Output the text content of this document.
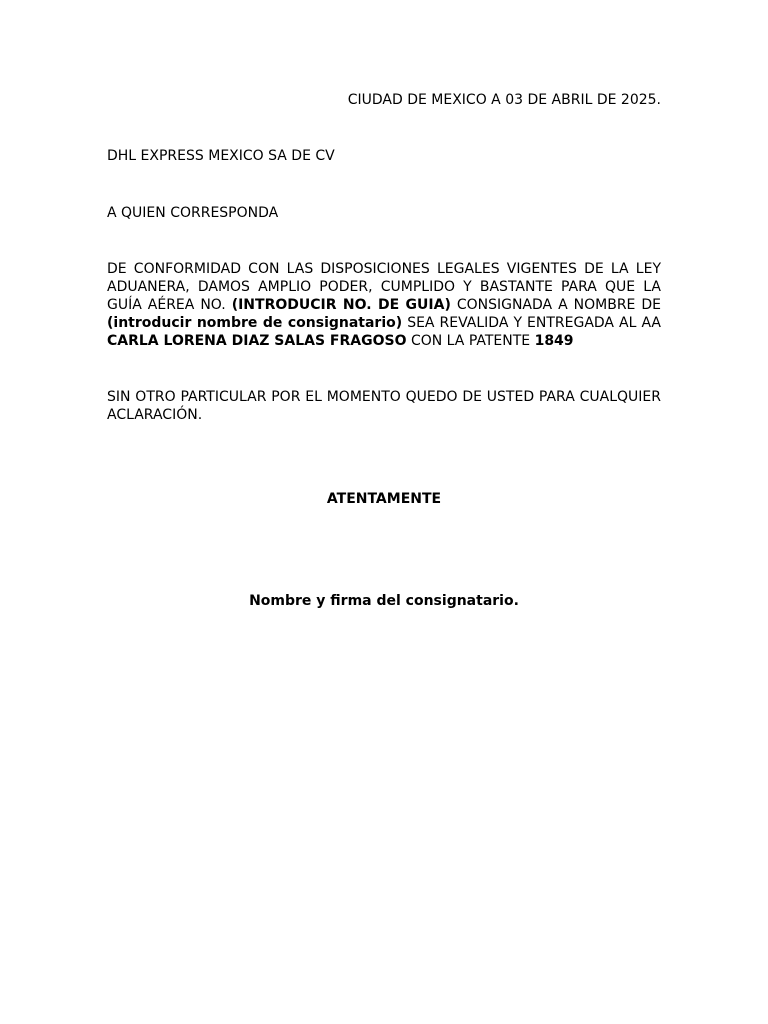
CIUDAD DE MEXICO A 03 DE ABRIL DE 2025.

DHL EXPRESS MEXICO SA DE CV

A QUIEN CORRESPONDA

DE CONFORMIDAD CON LAS DISPOSICIONES LEGALES VIGENTES DE LA LEY ADUANERA, DAMOS AMPLIO PODER, CUMPLIDO Y BASTANTE PARA QUE LA GUÍA AÉREA NO. (INTRODUCIR NO. DE GUIA) CONSIGNADA A NOMBRE DE (introducir nombre de consignatario) SEA REVALIDA Y ENTREGADA AL AA CARLA LORENA DIAZ SALAS FRAGOSO CON LA PATENTE 1849

SIN OTRO PARTICULAR POR EL MOMENTO QUEDO DE USTED PARA CUALQUIER ACLARACIÓN.

ATENTAMENTE

Nombre y firma del consignatario.
